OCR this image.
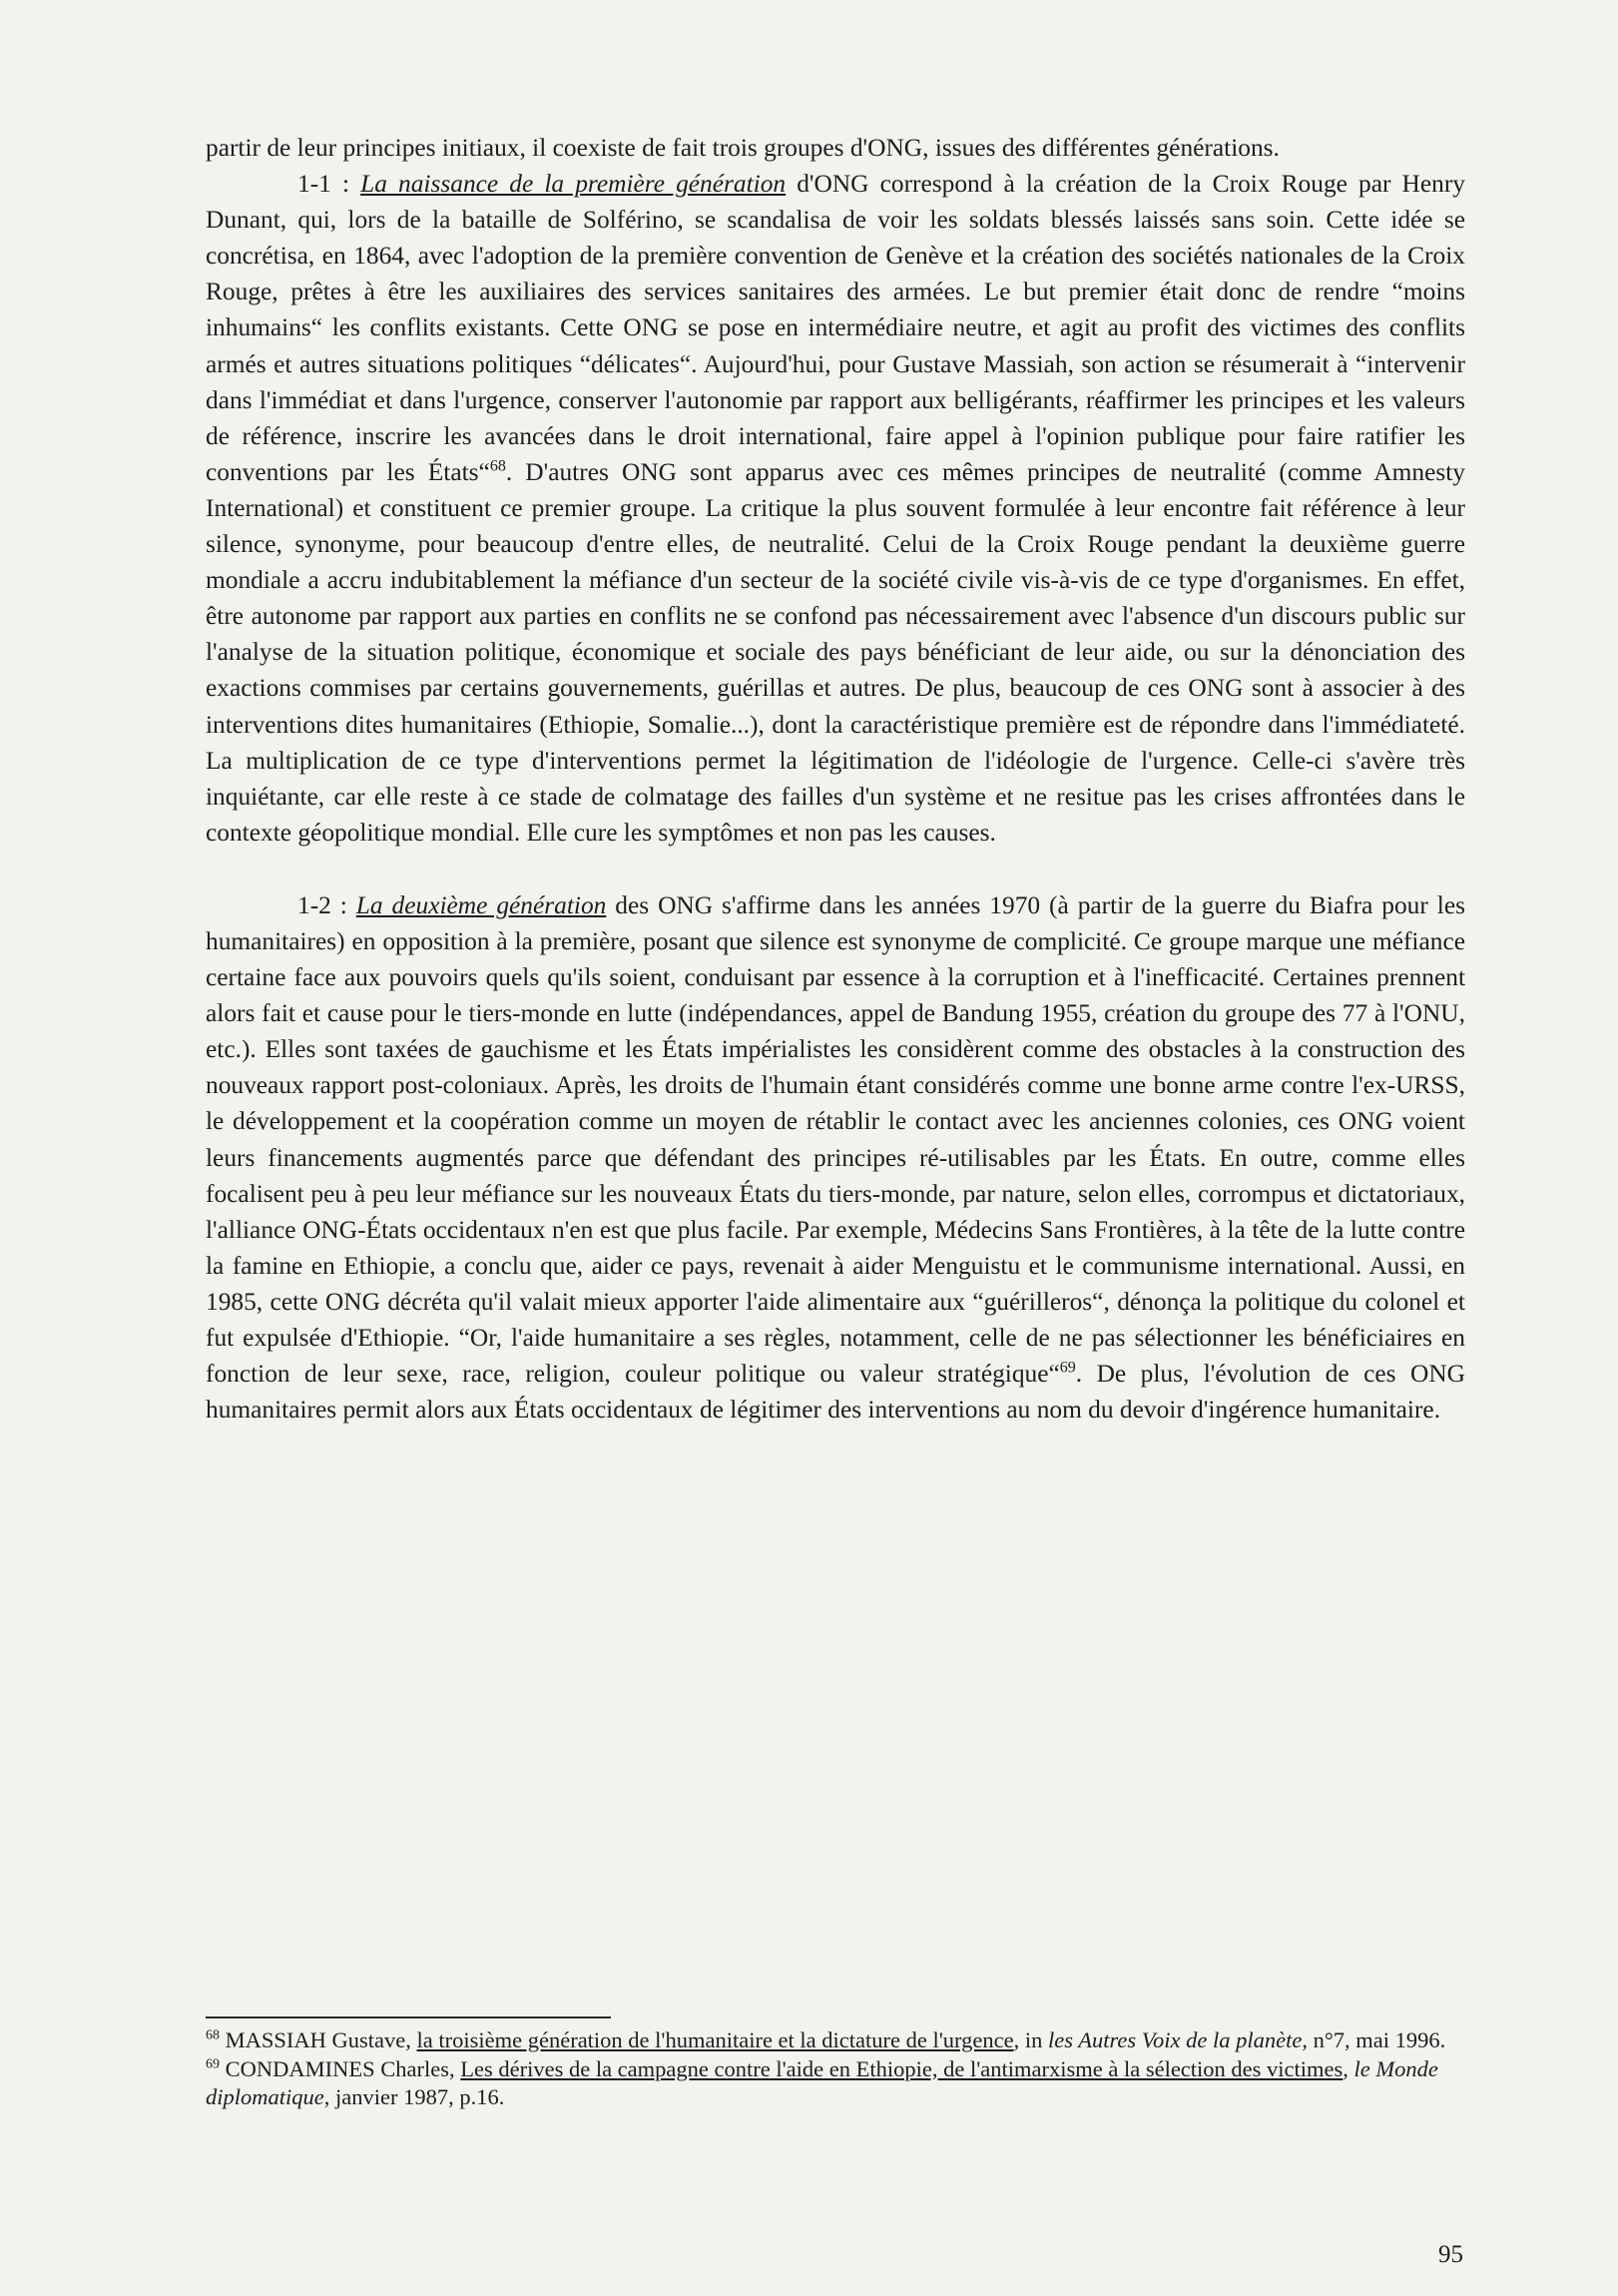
partir de leur principes initiaux, il coexiste de fait trois groupes d'ONG, issues des différentes générations.

1-1 : La naissance de la première génération d'ONG correspond à la création de la Croix Rouge par Henry Dunant, qui, lors de la bataille de Solférino, se scandalisa de voir les soldats blessés laissés sans soin. Cette idée se concrétisa, en 1864, avec l'adoption de la première convention de Genève et la création des sociétés nationales de la Croix Rouge, prêtes à être les auxiliaires des services sanitaires des armées. Le but premier était donc de rendre “moins inhumains“ les conflits existants. Cette ONG se pose en intermédiaire neutre, et agit au profit des victimes des conflits armés et autres situations politiques “délicates“. Aujourd'hui, pour Gustave Massiah, son action se résumerait à “intervenir dans l'immédiat et dans l'urgence, conserver l'autonomie par rapport aux belligérants, réaffirmer les principes et les valeurs de référence, inscrire les avancées dans le droit international, faire appel à l'opinion publique pour faire ratifier les conventions par les États“$^{68}$. D'autres ONG sont apparus avec ces mêmes principes de neutralité (comme Amnesty International) et constituent ce premier groupe. La critique la plus souvent formulée à leur encontre fait référence à leur silence, synonyme, pour beaucoup d'entre elles, de neutralité. Celui de la Croix Rouge pendant la deuxième guerre mondiale a accru indubitablement la méfiance d'un secteur de la société civile vis-à-vis de ce type d'organismes. En effet, être autonome par rapport aux parties en conflits ne se confond pas nécessairement avec l'absence d'un discours public sur l'analyse de la situation politique, économique et sociale des pays bénéficiant de leur aide, ou sur la dénonciation des exactions commises par certains gouvernements, guérillas et autres. De plus, beaucoup de ces ONG sont à associer à des interventions dites humanitaires (Ethiopie, Somalie...), dont la caractéristique première est de répondre dans l'immédiateté. La multiplication de ce type d'interventions permet la légitimation de l'idéologie de l'urgence. Celle-ci s'avère très inquiétante, car elle reste à ce stade de colmatage des failles d'un système et ne resitue pas les crises affrontées dans le contexte géopolitique mondial. Elle cure les symptômes et non pas les causes.

1-2 : La deuxième génération des ONG s'affirme dans les années 1970 (à partir de la guerre du Biafra pour les humanitaires) en opposition à la première, posant que silence est synonyme de complicité. Ce groupe marque une méfiance certaine face aux pouvoirs quels qu'ils soient, conduisant par essence à la corruption et à l'inefficacité. Certaines prennent alors fait et cause pour le tiers-monde en lutte (indépendances, appel de Bandung 1955, création du groupe des 77 à l'ONU, etc.). Elles sont taxées de gauchisme et les États impérialistes les considèrent comme des obstacles à la construction des nouveaux rapport post-coloniaux. Après, les droits de l'humain étant considérés comme une bonne arme contre l'ex-URSS, le développement et la coopération comme un moyen de rétablir le contact avec les anciennes colonies, ces ONG voient leurs financements augmentés parce que défendant des principes ré-utilisables par les États. En outre, comme elles focalisent peu à peu leur méfiance sur les nouveaux États du tiers-monde, par nature, selon elles, corrompus et dictatoriaux, l'alliance ONG-États occidentaux n'en est que plus facile. Par exemple, Médecins Sans Frontières, à la tête de la lutte contre la famine en Ethiopie, a conclu que, aider ce pays, revenait à aider Menguistu et le communisme international. Aussi, en 1985, cette ONG décréta qu'il valait mieux apporter l'aide alimentaire aux “guérilleros“, dénonça la politique du colonel et fut expulsée d'Ethiopie. “Or, l'aide humanitaire a ses règles, notamment, celle de ne pas sélectionner les bénéficiaires en fonction de leur sexe, race, religion, couleur politique ou valeur stratégique“$^{69}$. De plus, l'évolution de ces ONG humanitaires permit alors aux États occidentaux de légitimer des interventions au nom du devoir d'ingérence humanitaire.

$^{68}$ MASSIAH Gustave, la troisième génération de l'humanitaire et la dictature de l'urgence, in les Autres Voix de la planète, n°7, mai 1996.

$^{69}$ CONDAMINES Charles, Les dérives de la campagne contre l'aide en Ethiopie, de l'antimarxisme à la sélection des victimes, le Monde diplomatique, janvier 1987, p.16.

95
